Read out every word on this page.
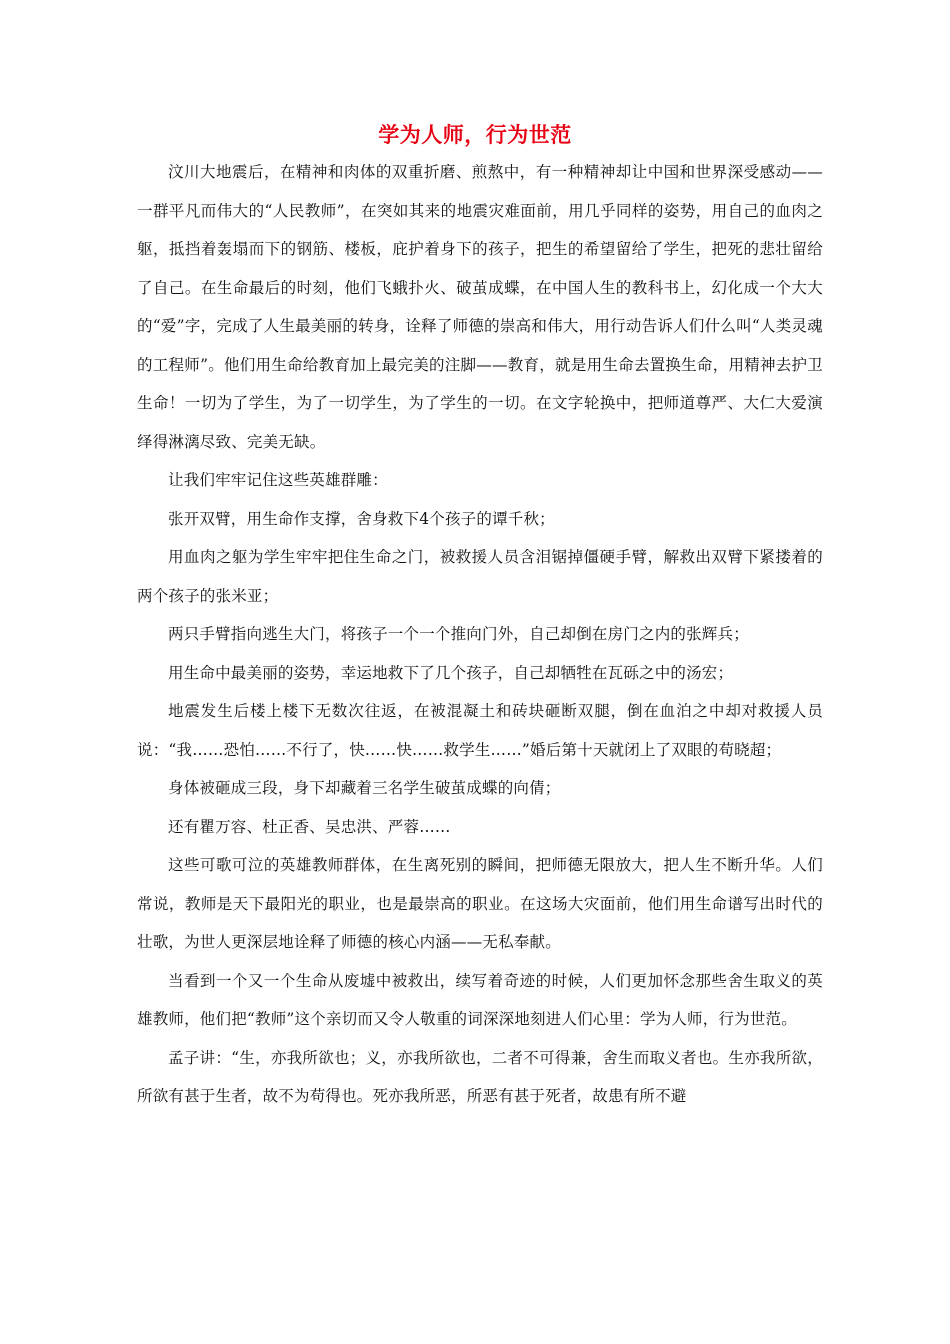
学为人师，行为世范

汶川大地震后，在精神和肉体的双重折磨、煎熬中，有一种精神却让中国和世界深受感动——一群平凡而伟大的“人民教师”，在突如其来的地震灾难面前，用几乎同样的姿势，用自己的血肉之躯，抵挡着轰塌而下的钢筋、楼板，庇护着身下的孩子，把生的希望留给了学生，把死的悲壮留给了自己。在生命最后的时刻，他们飞蛾扑火、破茧成蝶，在中国人生的教科书上，幻化成一个大大的“爱”字，完成了人生最美丽的转身，诠释了师德的崇高和伟大，用行动告诉人们什么叫“人类灵魂的工程师”。他们用生命给教育加上最完美的注脚——教育，就是用生命去置换生命，用精神去护卫生命！一切为了学生，为了一切学生，为了学生的一切。在文字轮换中，把师道尊严、大仁大爱演绎得淋漓尽致、完美无缺。

让我们牢牢记住这些英雄群雕：

张开双臂，用生命作支撑，舍身救下4个孩子的谭千秋；

用血肉之躯为学生牢牢把住生命之门，被救援人员含泪锯掉僵硬手臂，解救出双臂下紧搂着的两个孩子的张米亚；

两只手臂指向逃生大门，将孩子一个一个推向门外，自己却倒在房门之内的张辉兵；

用生命中最美丽的姿势，幸运地救下了几个孩子，自己却牺牲在瓦砾之中的汤宏；

地震发生后楼上楼下无数次往返，在被混凝土和砖块砸断双腿，倒在血泊之中却对救援人员说：“我……恐怕……不行了，快……快……救学生……”婚后第十天就闭上了双眼的苟晓超；

身体被砸成三段，身下却藏着三名学生破茧成蝶的向倩；

还有瞿万容、杜正香、吴忠洪、严蓉……

这些可歌可泣的英雄教师群体，在生离死别的瞬间，把师德无限放大，把人生不断升华。人们常说，教师是天下最阳光的职业，也是最崇高的职业。在这场大灾面前，他们用生命谱写出时代的壮歌，为世人更深层地诠释了师德的核心内涵——无私奉献。

当看到一个又一个生命从废墟中被救出，续写着奇迹的时候，人们更加怀念那些舍生取义的英雄教师，他们把“教师”这个亲切而又令人敬重的词深深地刻进人们心里：学为人师，行为世范。

孟子讲：“生，亦我所欲也；义，亦我所欲也，二者不可得兼，舍生而取义者也。生亦我所欲，所欲有甚于生者，故不为苟得也。死亦我所恶，所恶有甚于死者，故患有所不避
